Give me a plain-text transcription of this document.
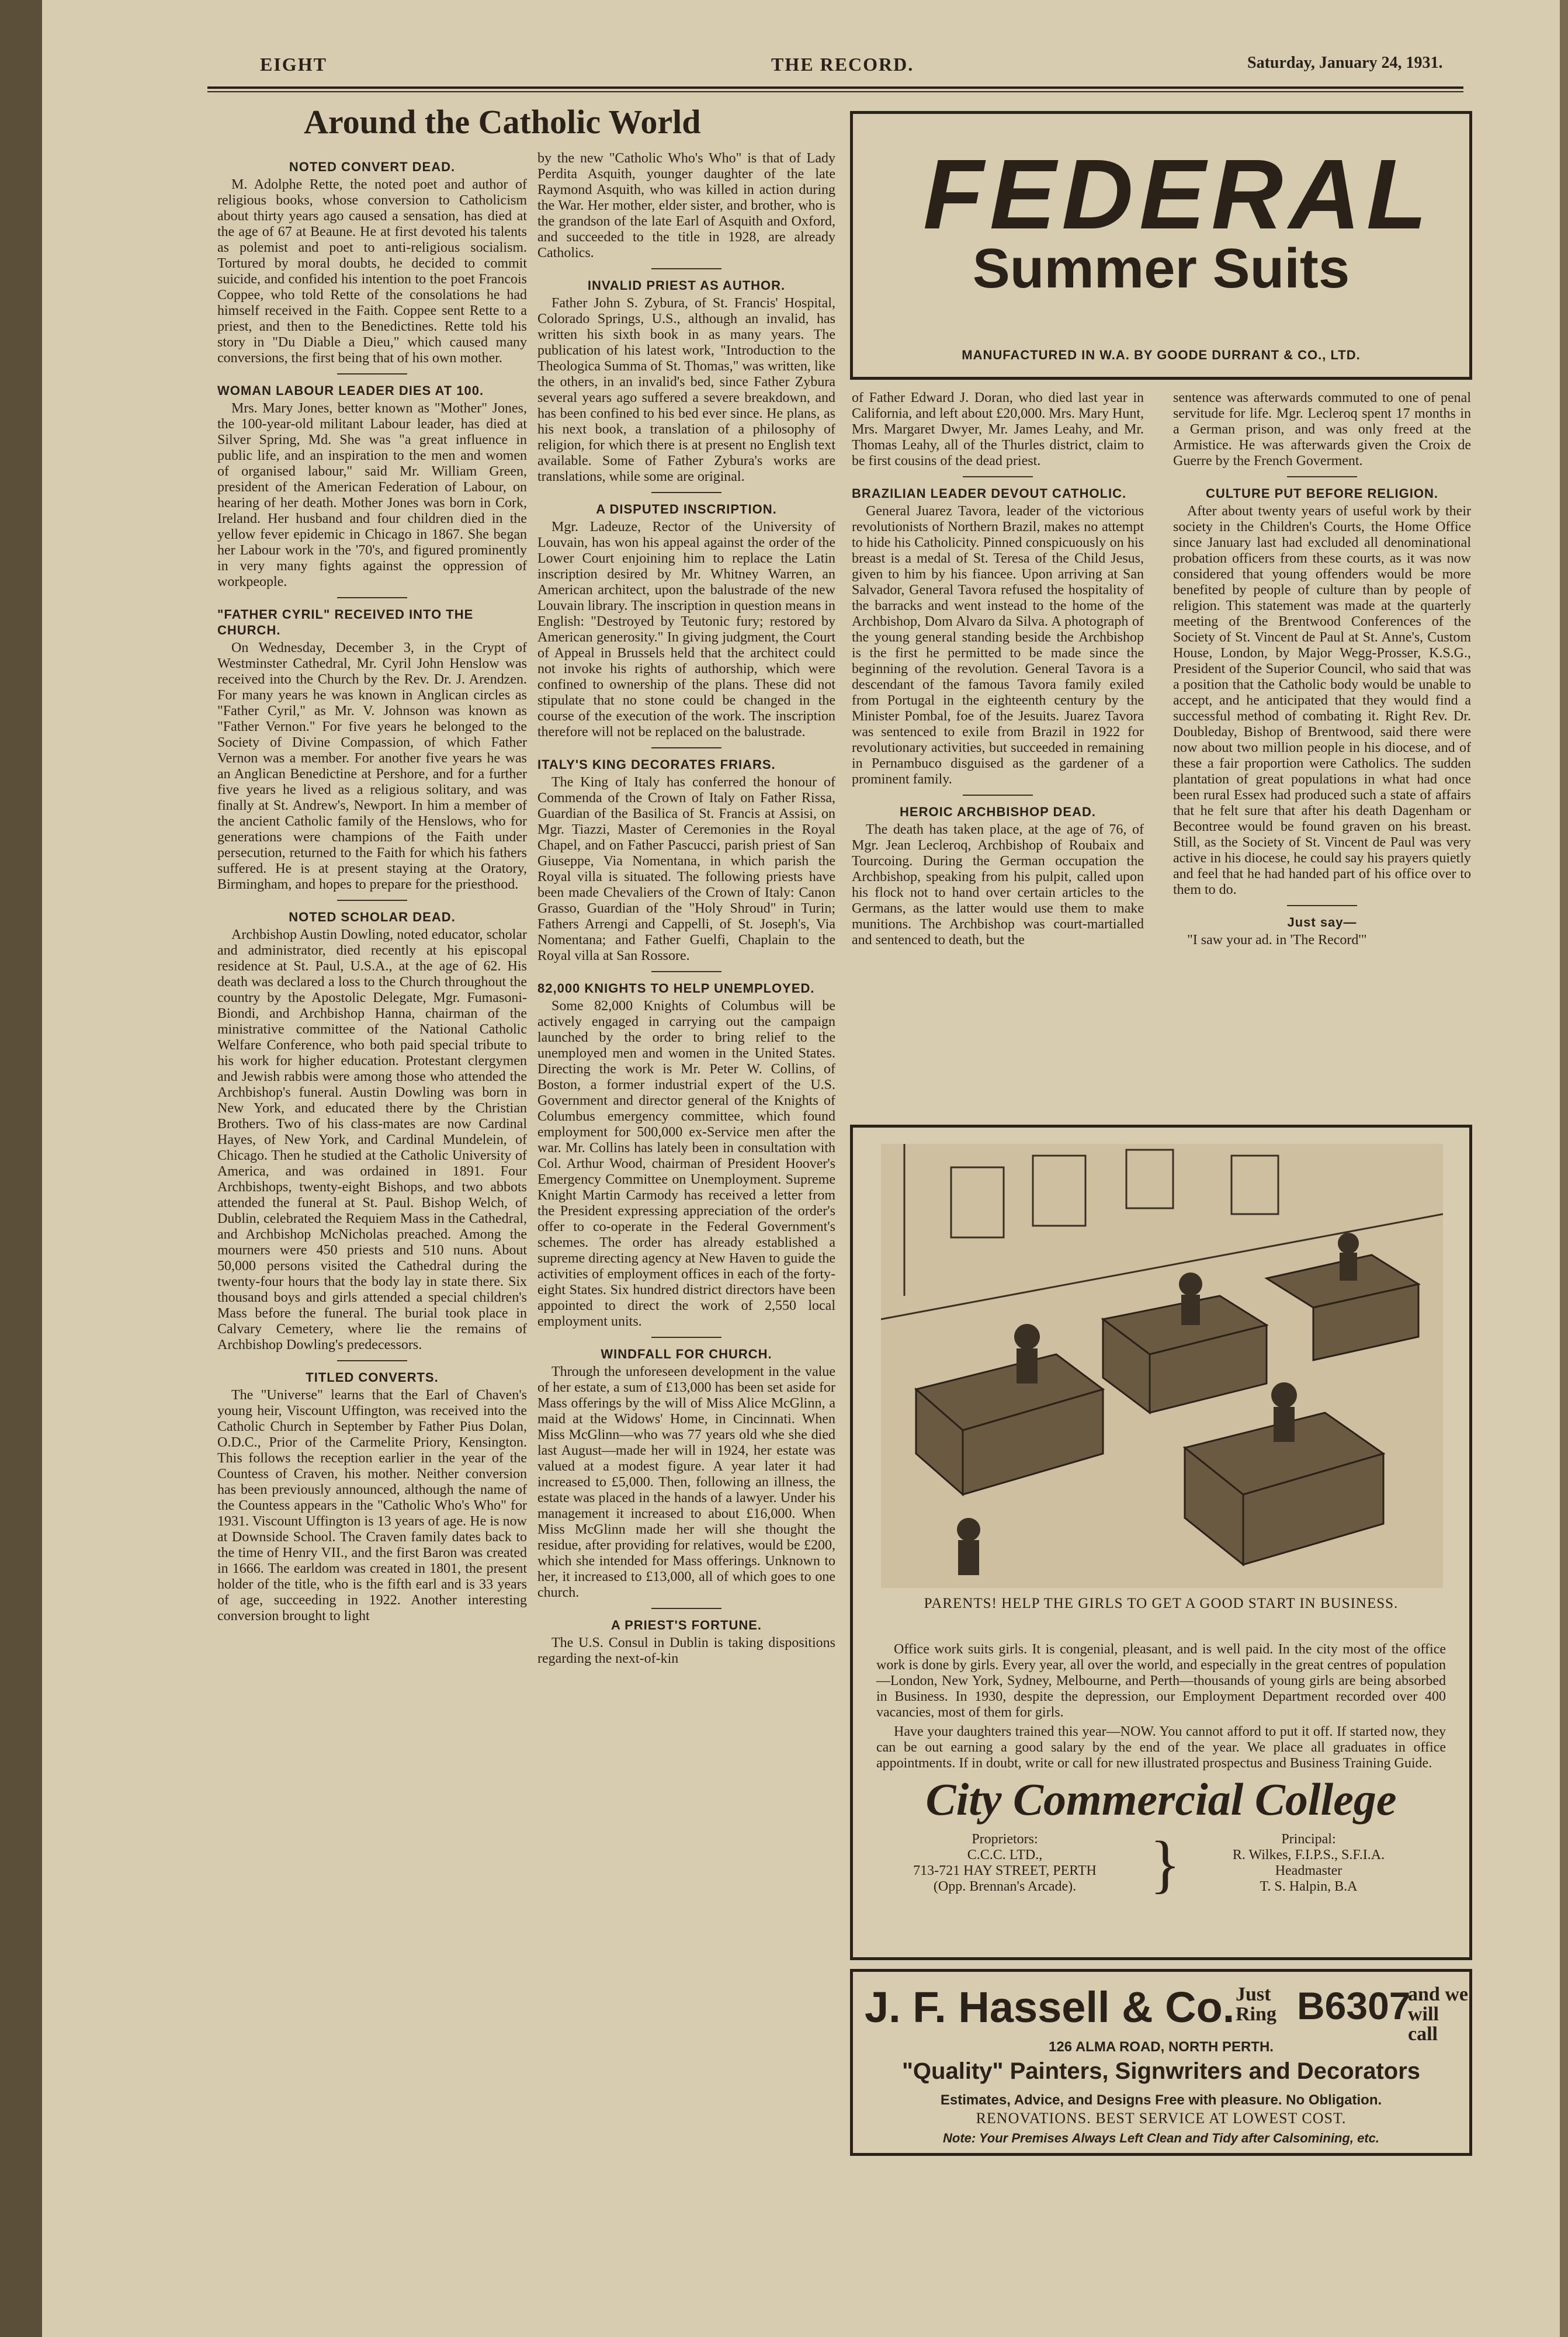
EIGHT	THE RECORD.	Saturday, January 24, 1931.
Around the Catholic World
NOTED CONVERT DEAD.

M. Adolphe Rette, the noted poet and author of religious books, whose conversion to Catholicism about thirty years ago caused a sensation, has died at the age of 67 at Beaune. He at first devoted his talents as polemist and poet to anti-religious socialism. Tortured by moral doubts, he decided to commit suicide, and confided his intention to the poet Francois Coppee, who told Rette of the consolations he had himself received in the Faith. Coppee sent Rette to a priest, and then to the Benedictines. Rette told his story in "Du Diable a Dieu," which caused many conversions, the first being that of his own mother.

WOMAN LABOUR LEADER DIES AT 100.

Mrs. Mary Jones, better known as "Mother" Jones, the 100-year-old militant Labour leader, has died at Silver Spring, Md. She was "a great influence in public life, and an inspiration to the men and women of organised labour," said Mr. William Green, president of the American Federation of Labour, on hearing of her death. Mother Jones was born in Cork, Ireland. Her husband and four children died in the yellow fever epidemic in Chicago in 1867. She began her Labour work in the '70's, and figured prominently in very many fights against the oppression of workpeople.

"FATHER CYRIL" RECEIVED INTO THE CHURCH.

On Wednesday, December 3, in the Crypt of Westminster Cathedral, Mr. Cyril John Henslow was received into the Church by the Rev. Dr. J. Arendzen. For many years he was known in Anglican circles as "Father Cyril," as Mr. V. Johnson was known as "Father Vernon." For five years he belonged to the Society of Divine Compassion, of which Father Vernon was a member. For another five years he was an Anglican Benedictine at Pershore, and for a further five years he lived as a religious solitary, and was finally at St. Andrew's, Newport. In him a member of the ancient Catholic family of the Henslows, who for generations were champions of the Faith under persecution, returned to the Faith for which his fathers suffered. He is at present staying at the Oratory, Birmingham, and hopes to prepare for the priesthood.

NOTED SCHOLAR DEAD.

Archbishop Austin Dowling, noted educator, scholar and administrator, died recently at his episcopal residence at St. Paul, U.S.A., at the age of 62. His death was declared a loss to the Church throughout the country by the Apostolic Delegate, Mgr. Fumasoni-Biondi, and Archbishop Hanna, chairman of the ministrative committee of the National Catholic Welfare Conference, who both paid special tribute to his work for higher education. Protestant clergymen and Jewish rabbis were among those who attended the Archbishop's funeral. Austin Dowling was born in New York, and educated there by the Christian Brothers. Two of his class-mates are now Cardinal Hayes, of New York, and Cardinal Mundelein, of Chicago. Then he studied at the Catholic University of America, and was ordained in 1891. Four Archbishops, twenty-eight Bishops, and two abbots attended the funeral at St. Paul. Bishop Welch, of Dublin, celebrated the Requiem Mass in the Cathedral, and Archbishop McNicholas preached. Among the mourners were 450 priests and 510 nuns. About 50,000 persons visited the Cathedral during the twenty-four hours that the body lay in state there. Six thousand boys and girls attended a special children's Mass before the funeral. The burial took place in Calvary Cemetery, where lie the remains of Archbishop Dowling's predecessors.

TITLED CONVERTS.

The "Universe" learns that the Earl of Chaven's young heir, Viscount Uffington, was received into the Catholic Church in September by Father Pius Dolan, O.D.C., Prior of the Carmelite Priory, Kensington. This follows the reception earlier in the year of the Countess of Craven, his mother. Neither conversion has been previously announced, although the name of the Countess appears in the "Catholic Who's Who" for 1931. Viscount Uffington is 13 years of age. He is now at Downside School. The Craven family dates back to the time of Henry VII., and the first Baron was created in 1666. The earldom was created in 1801, the present holder of the title, who is the fifth earl and is 33 years of age, succeeding in 1922. Another interesting conversion brought to light

by the new "Catholic Who's Who" is that of Lady Perdita Asquith, younger daughter of the late Raymond Asquith, who was killed in action during the War. Her mother, elder sister, and brother, who is the grandson of the late Earl of Asquith and Oxford, and succeeded to the title in 1928, are already Catholics.

INVALID PRIEST AS AUTHOR.

Father John S. Zybura, of St. Francis' Hospital, Colorado Springs, U.S., although an invalid, has written his sixth book in as many years. The publication of his latest work, "Introduction to the Theologica Summa of St. Thomas," was written, like the others, in an invalid's bed, since Father Zybura several years ago suffered a severe breakdown, and has been confined to his bed ever since. He plans, as his next book, a translation of a philosophy of religion, for which there is at present no English text available. Some of Father Zybura's works are translations, while some are original.

A DISPUTED INSCRIPTION.

Mgr. Ladeuze, Rector of the University of Louvain, has won his appeal against the order of the Lower Court enjoining him to replace the Latin inscription desired by Mr. Whitney Warren, an American architect, upon the balustrade of the new Louvain library. The inscription in question means in English: "Destroyed by Teutonic fury; restored by American generosity." In giving judgment, the Court of Appeal in Brussels held that the architect could not invoke his rights of authorship, which were confined to ownership of the plans. These did not stipulate that no stone could be changed in the course of the execution of the work. The inscription therefore will not be replaced on the balustrade.

ITALY'S KING DECORATES FRIARS.

The King of Italy has conferred the honour of Commenda of the Crown of Italy on Father Rissa, Guardian of the Basilica of St. Francis at Assisi, on Mgr. Tiazzi, Master of Ceremonies in the Royal Chapel, and on Father Pascucci, parish priest of San Giuseppe, Via Nomentana, in which parish the Royal villa is situated. The following priests have been made Chevaliers of the Crown of Italy: Canon Grasso, Guardian of the "Holy Shroud" in Turin; Fathers Arrengi and Cappelli, of St. Joseph's, Via Nomentana; and Father Guelfi, Chaplain to the Royal villa at San Rossore.

82,000 KNIGHTS TO HELP UNEMPLOYED.

Some 82,000 Knights of Columbus will be actively engaged in carrying out the campaign launched by the order to bring relief to the unemployed men and women in the United States. Directing the work is Mr. Peter W. Collins, of Boston, a former industrial expert of the U.S. Government and director general of the Knights of Columbus emergency committee, which found employment for 500,000 ex-Service men after the war. Mr. Collins has lately been in consultation with Col. Arthur Wood, chairman of President Hoover's Emergency Committee on Unemployment. Supreme Knight Martin Carmody has received a letter from the President expressing appreciation of the order's offer to co-operate in the Federal Government's schemes. The order has already established a supreme directing agency at New Haven to guide the activities of employment offices in each of the forty-eight States. Six hundred district directors have been appointed to direct the work of 2,550 local employment units.

WINDFALL FOR CHURCH.

Through the unforeseen development in the value of her estate, a sum of £13,000 has been set aside for Mass offerings by the will of Miss Alice McGlinn, a maid at the Widows' Home, in Cincinnati. When Miss McGlinn—who was 77 years old whe she died last August—made her will in 1924, her estate was valued at a modest figure. A year later it had increased to £5,000. Then, following an illness, the estate was placed in the hands of a lawyer. Under his management it increased to about £16,000. When Miss McGlinn made her will she thought the residue, after providing for relatives, would be £200, which she intended for Mass offerings. Unknown to her, it increased to £13,000, all of which goes to one church.

A PRIEST'S FORTUNE.

The U.S. Consul in Dublin is taking dispositions regarding the next-of-kin

of Father Edward J. Doran, who died last year in California, and left about £20,000. Mrs. Mary Hunt, Mrs. Margaret Dwyer, Mr. James Leahy, and Mr. Thomas Leahy, all of the Thurles district, claim to be first cousins of the dead priest.

BRAZILIAN LEADER DEVOUT CATHOLIC.

General Juarez Tavora, leader of the victorious revolutionists of Northern Brazil, makes no attempt to hide his Catholicity. Pinned conspicuously on his breast is a medal of St. Teresa of the Child Jesus, given to him by his fiancee. Upon arriving at San Salvador, General Tavora refused the hospitality of the barracks and went instead to the home of the Archbishop, Dom Alvaro da Silva. A photograph of the young general standing beside the Archbishop is the first he permitted to be made since the beginning of the revolution. General Tavora is a descendant of the famous Tavora family exiled from Portugal in the eighteenth century by the Minister Pombal, foe of the Jesuits. Juarez Tavora was sentenced to exile from Brazil in 1922 for revolutionary activities, but succeeded in remaining in Pernambuco disguised as the gardener of a prominent family.

HEROIC ARCHBISHOP DEAD.

The death has taken place, at the age of 76, of Mgr. Jean Lecleroq, Archbishop of Roubaix and Tourcoing. During the German occupation the Archbishop, speaking from his pulpit, called upon his flock not to hand over certain articles to the Germans, as the latter would use them to make munitions. The Archbishop was court-martialled and sentenced to death, but the

sentence was afterwards commuted to one of penal servitude for life. Mgr. Lecleroq spent 17 months in a German prison, and was only freed at the Armistice. He was afterwards given the Croix de Guerre by the French Goverment.

CULTURE PUT BEFORE RELIGION.

After about twenty years of useful work by their society in the Children's Courts, the Home Office since January last had excluded all denominational probation officers from these courts, as it was now considered that young offenders would be more benefited by people of culture than by people of religion. This statement was made at the quarterly meeting of the Brentwood Conferences of the Society of St. Vincent de Paul at St. Anne's, Custom House, London, by Major Wegg-Prosser, K.S.G., President of the Superior Council, who said that was a position that the Catholic body would be unable to accept, and he anticipated that they would find a successful method of combating it. Right Rev. Dr. Doubleday, Bishop of Brentwood, said there were now about two million people in his diocese, and of these a fair proportion were Catholics. The sudden plantation of great populations in what had once been rural Essex had produced such a state of affairs that he felt sure that after his death Dagenham or Becontree would be found graven on his breast. Still, as the Society of St. Vincent de Paul was very active in his diocese, he could say his prayers quietly and feel that he had handed part of his office over to them to do.

Just say—

"I saw your ad. in 'The Record'"

FEDERAL
Summer Suits
MANUFACTURED IN W.A. BY GOODE DURRANT & CO., LTD.
PARENTS! HELP THE GIRLS TO GET A GOOD START IN BUSINESS.

Office work suits girls. It is congenial, pleasant, and is well paid. In the city most of the office work is done by girls. Every year, all over the world, and especially in the great centres of population—London, New York, Sydney, Melbourne, and Perth—thousands of young girls are being absorbed in Business. In 1930, despite the depression, our Employment Department recorded over 400 vacancies, most of them for girls.

Have your daughters trained this year—NOW. You cannot afford to put it off. If started now, they can be out earning a good salary by the end of the year. We place all graduates in office appointments. If in doubt, write or call for new illustrated prospectus and Business Training Guide.

City Commercial College
Proprietors:
C.C.C. LTD.,
713-721 HAY STREET, PERTH
(Opp. Brennan's Arcade).	}	Principal:
R. Wilkes, F.I.P.S., S.F.I.A.
Headmaster
T. S. Halpin, B.A
J. F. Hassell & Co. Just
Ring B6307
and we
will call
126 ALMA ROAD, NORTH PERTH.
"Quality" Painters, Signwriters and Decorators
Estimates, Advice, and Designs Free with pleasure. No Obligation.
RENOVATIONS. BEST SERVICE AT LOWEST COST.
Note: Your Premises Always Left Clean and Tidy after Calsomining, etc.
